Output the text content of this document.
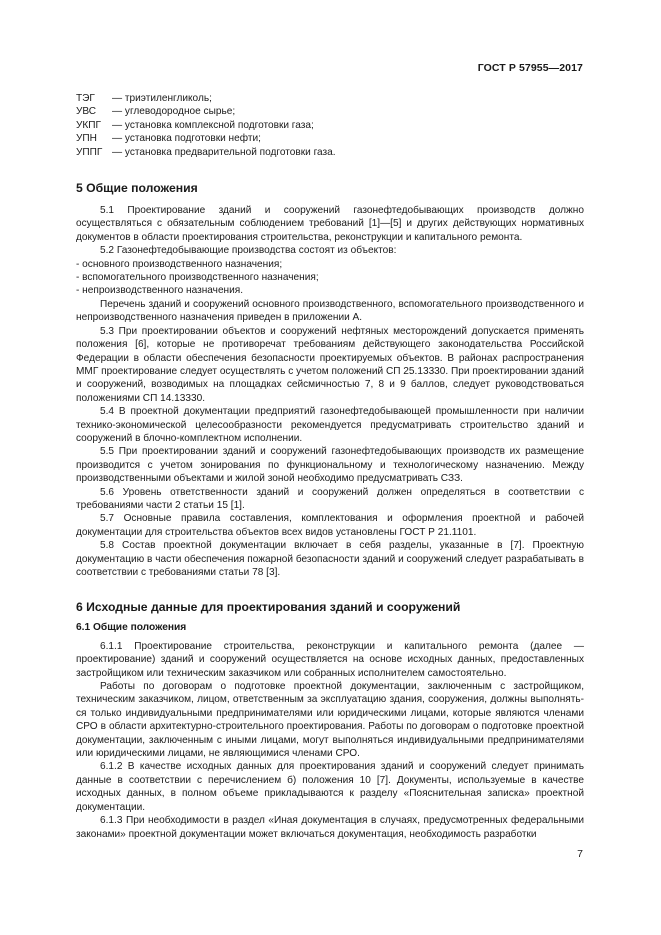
ГОСТ Р 57955—2017
ТЭГ	— триэтиленгликоль;
УВС	— углеводородное сырье;
УКПГ	— установка комплексной подготовки газа;
УПН	— установка подготовки нефти;
УППГ — установка предварительной подготовки газа.
5 Общие положения

5.1 Проектирование зданий и сооружений газонефтедобывающих производств должно осуществляться с обязательным соблюдением требований [1]—[5] и других действующих нормативных документов в области проектирования строительства, реконструкции и капитального ремонта.

5.2 Газонефтедобывающие производства состоят из объектов:

- основного производственного назначения;

- вспомогательного производственного назначения;

- непроизводственного назначения.

Перечень зданий и сооружений основного производственного, вспомогательного производственного и непроизводственного назначения приведен в приложении А.

5.3 При проектировании объектов и сооружений нефтяных месторождений допускается применять положения [6], которые не противоречат требованиям действующего законодательства Российской Федерации в области обеспечения безопасности проектируемых объектов. В районах распространения ММГ проектирование следует осуществлять с учетом положений СП 25.13330. При проектировании зданий и сооружений, возводимых на площадках сейсмичностью 7, 8 и 9 баллов, следует руководствоваться положениями СП 14.13330.

5.4 В проектной документации предприятий газонефтедобывающей промышленности при наличии технико-экономической целесообразности рекомендуется предусматривать строительство зданий и сооружений в блочно-комплектном исполнении.

5.5 При проектировании зданий и сооружений газонефтедобывающих производств их размещение производится с учетом зонирования по функциональному и технологическому назначению. Между производственными объектами и жилой зоной необходимо предусматривать СЗЗ.

5.6 Уровень ответственности зданий и сооружений должен определяться в соответствии с требованиями части 2 статьи 15 [1].

5.7 Основные правила составления, комплектования и оформления проектной и рабочей документации для строительства объектов всех видов установлены ГОСТ Р 21.1101.

5.8 Состав проектной документации включает в себя разделы, указанные в [7]. Проектную документацию в части обеспечения пожарной безопасности зданий и сооружений следует разрабатывать в соответствии с требованиями статьи 78 [3].

6 Исходные данные для проектирования зданий и сооружений
6.1 Общие положения

6.1.1 Проектирование строительства, реконструкции и капитального ремонта (далее — проектирование) зданий и сооружений осуществляется на основе исходных данных, предоставленных застройщиком или техническим заказчиком или собранных исполнителем самостоятельно.

Работы по договорам о подготовке проектной документации, заключенным с застройщиком, техническим заказчиком, лицом, ответственным за эксплуатацию здания, сооружения, должны выполнять-ся только индивидуальными предпринимателями или юридическими лицами, которые являются членами СРО в области архитектурно-строительного проектирования. Работы по договорам о подготовке проектной документации, заключенным с иными лицами, могут выполняться индивидуальными предпринимателями или юридическими лицами, не являющимися членами СРО.

6.1.2 В качестве исходных данных для проектирования зданий и сооружений следует принимать данные в соответствии с перечислением б) положения 10 [7]. Документы, используемые в качестве исходных данных, в полном объеме прикладываются к разделу «Пояснительная записка» проектной документации.

6.1.3 При необходимости в раздел «Иная документация в случаях, предусмотренных федеральными законами» проектной документации может включаться документация, необходимость разработки

7
